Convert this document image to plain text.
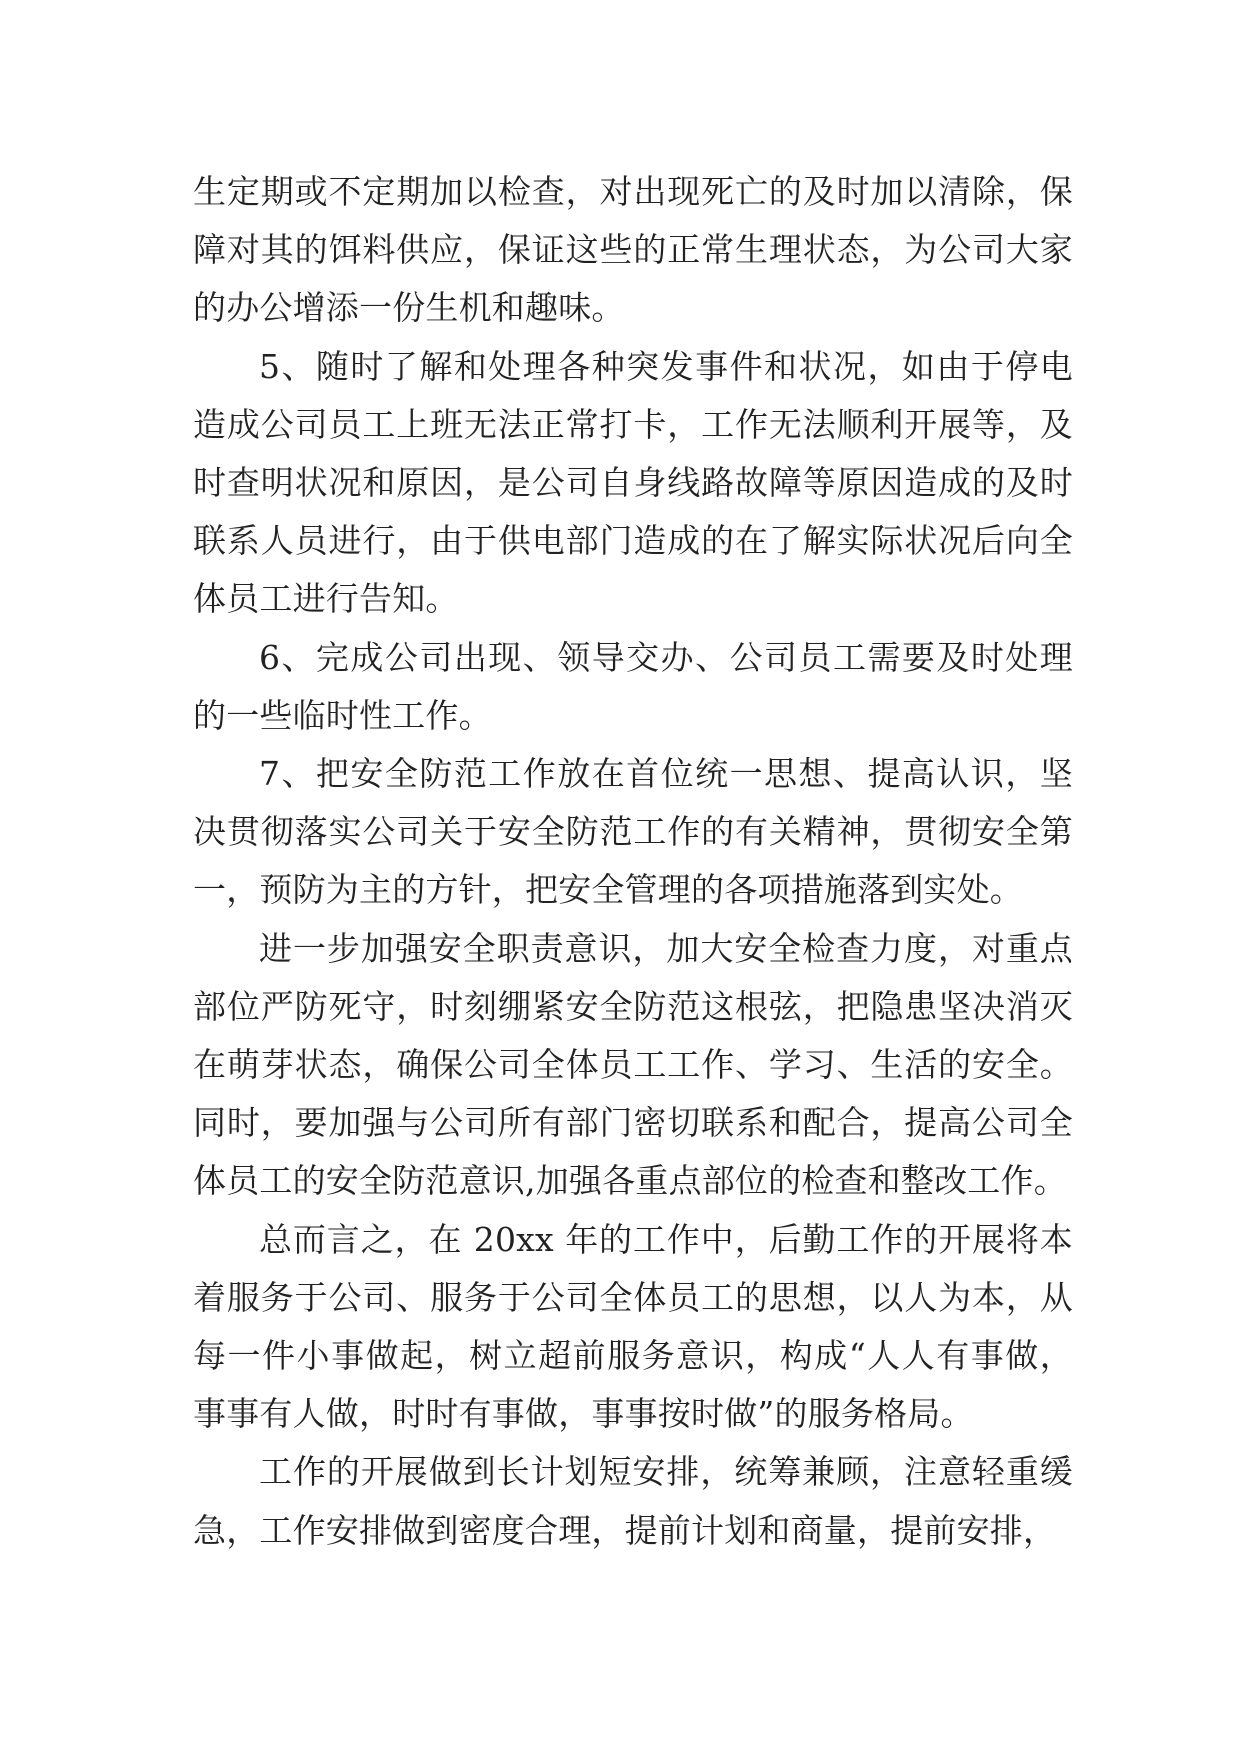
生定期或不定期加以检查，对出现死亡的及时加以清除，保障对其的饵料供应，保证这些的正常生理状态，为公司大家的办公增添一份生机和趣味。

5、随时了解和处理各种突发事件和状况，如由于停电造成公司员工上班无法正常打卡，工作无法顺利开展等，及时查明状况和原因，是公司自身线路故障等原因造成的及时联系人员进行，由于供电部门造成的在了解实际状况后向全体员工进行告知。

6、完成公司出现、领导交办、公司员工需要及时处理的一些临时性工作。

7、把安全防范工作放在首位统一思想、提高认识，坚决贯彻落实公司关于安全防范工作的有关精神，贯彻安全第一，预防为主的方针，把安全管理的各项措施落到实处。

进一步加强安全职责意识，加大安全检查力度，对重点部位严防死守，时刻绷紧安全防范这根弦，把隐患坚决消灭在萌芽状态，确保公司全体员工工作、学习、生活的安全。同时，要加强与公司所有部门密切联系和配合，提高公司全体员工的安全防范意识,加强各重点部位的检查和整改工作。

总而言之，在 20xx 年的工作中，后勤工作的开展将本着服务于公司、服务于公司全体员工的思想，以人为本，从每一件小事做起，树立超前服务意识，构成“人人有事做，事事有人做，时时有事做，事事按时做”的服务格局。

工作的开展做到长计划短安排，统筹兼顾，注意轻重缓急，工作安排做到密度合理，提前计划和商量，提前安排，
